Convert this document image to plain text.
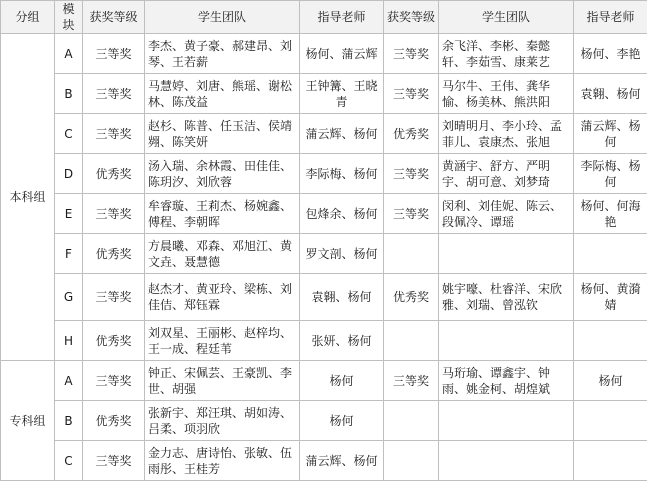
分组	模块	获奖等级	学生团队	指导老师	获奖等级	学生团队	指导老师
本科组	A	三等奖	李杰、黄子豪、郝建昂、刘琴、王若薪	杨何、蒲云辉	三等奖	余飞洋、李彬、秦懿轩、李茹雪、康莱艺	杨何、李艳
	B	三等奖	马慧婷、刘唐、熊瑶、谢松林、陈茂益	王钟篝、王晓青	三等奖	马尔牛、王伟、龚华愉、杨美林、熊洪阳	袁翱、杨何
	C	三等奖	赵杉、陈普、任玉洁、侯靖翙、陈笑妍	蒲云辉、杨何	优秀奖	刘晴明月、李小玲、孟菲儿、袁康杰、张旭	蒲云辉、杨何
	D	优秀奖	汤入瑞、余林霞、田佳佳、陈玥汐、刘欣蓉	李际梅、杨何	三等奖	黄涵宇、舒方、严明宇、胡可意、刘梦琦	李际梅、杨何
	E	三等奖	牟睿璇、王莉杰、杨婉鑫、傅程、李朝晖	包烽余、杨何	三等奖	闵利、刘佳妮、陈云、段佩冷、谭瑶	杨何、何海艳
	F	优秀奖	方晨曦、邓森、邓旭江、黄文垚、聂慧德	罗文剖、杨何			
	G	三等奖	赵杰才、黄亚玲、梁栋、刘佳佶、郑钰霖	袁翱、杨何	优秀奖	姚宇嚎、杜睿洋、宋欣雅、刘瑞、曾泓钦	杨何、黄漪婧
	H	优秀奖	刘双星、王丽彬、赵梓均、王一成、程廷苇	张妍、杨何			
专科组	A	三等奖	钟正、宋佩芸、王豪凯、李世、胡强	杨何	三等奖	马珩瑜、谭鑫宇、钟雨、姚金柯、胡煌斌	杨何
	B	优秀奖	张新宇、郑汪琪、胡如涛、吕柔、项羽欣	杨何			
	C	三等奖	金力志、唐诗怡、张敏、伍雨彤、王桂芳	蒲云辉、杨何			
